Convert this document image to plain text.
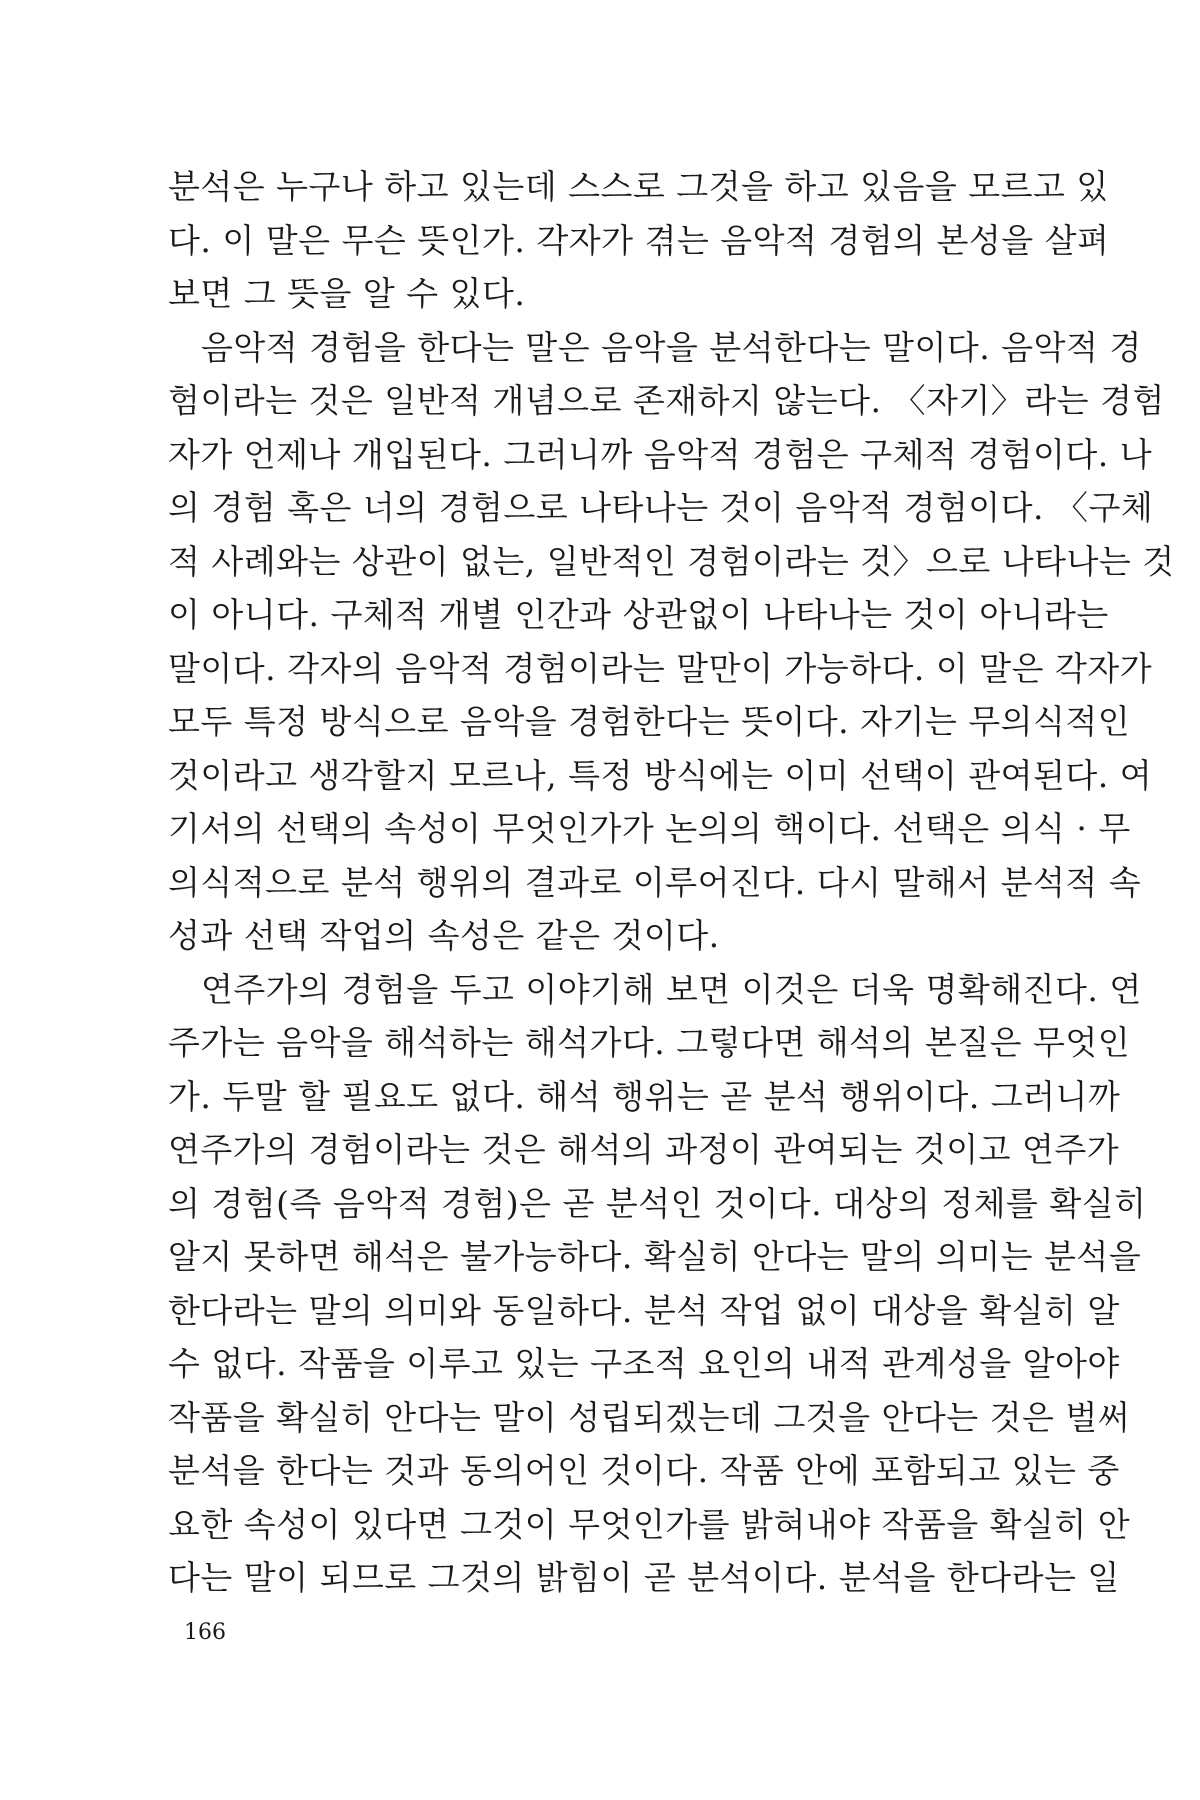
분석은 누구나 하고 있는데 스스로 그것을 하고 있음을 모르고 있
다. 이 말은 무슨 뜻인가. 각자가 겪는 음악적 경험의 본성을 살펴
보면 그 뜻을 알 수 있다.
음악적 경험을 한다는 말은 음악을 분석한다는 말이다. 음악적 경
험이라는 것은 일반적 개념으로 존재하지 않는다. 〈자기〉라는 경험
자가 언제나 개입된다. 그러니까 음악적 경험은 구체적 경험이다. 나
의 경험 혹은 너의 경험으로 나타나는 것이 음악적 경험이다. 〈구체
적 사례와는 상관이 없는, 일반적인 경험이라는 것〉으로 나타나는 것
이 아니다. 구체적 개별 인간과 상관없이 나타나는 것이 아니라는
말이다. 각자의 음악적 경험이라는 말만이 가능하다. 이 말은 각자가
모두 특정 방식으로 음악을 경험한다는 뜻이다. 자기는 무의식적인
것이라고 생각할지 모르나, 특정 방식에는 이미 선택이 관여된다. 여
기서의 선택의 속성이 무엇인가가 논의의 핵이다. 선택은 의식 · 무
의식적으로 분석 행위의 결과로 이루어진다. 다시 말해서 분석적 속
성과 선택 작업의 속성은 같은 것이다.
연주가의 경험을 두고 이야기해 보면 이것은 더욱 명확해진다. 연
주가는 음악을 해석하는 해석가다. 그렇다면 해석의 본질은 무엇인
가. 두말 할 필요도 없다. 해석 행위는 곧 분석 행위이다. 그러니까
연주가의 경험이라는 것은 해석의 과정이 관여되는 것이고 연주가
의 경험(즉 음악적 경험)은 곧 분석인 것이다. 대상의 정체를 확실히
알지 못하면 해석은 불가능하다. 확실히 안다는 말의 의미는 분석을
한다라는 말의 의미와 동일하다. 분석 작업 없이 대상을 확실히 알
수 없다. 작품을 이루고 있는 구조적 요인의 내적 관계성을 알아야
작품을 확실히 안다는 말이 성립되겠는데 그것을 안다는 것은 벌써
분석을 한다는 것과 동의어인 것이다. 작품 안에 포함되고 있는 중
요한 속성이 있다면 그것이 무엇인가를 밝혀내야 작품을 확실히 안
다는 말이 되므로 그것의 밝힘이 곧 분석이다. 분석을 한다라는 일
166
